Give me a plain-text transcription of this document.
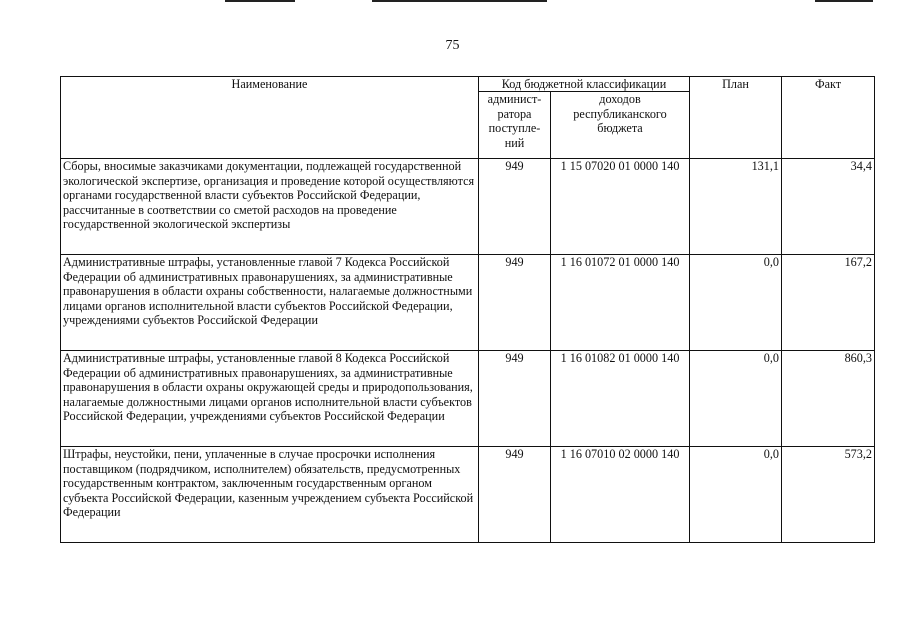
75
Наименование	Код бюджетной классификации		План	Факт
	админист-ратора поступле-ний	доходов республиканского бюджета		
Сборы, вносимые заказчиками документации, подлежащей государственной экологической экспертизе, организация и проведение которой осуществляются органами государственной власти субъектов Российской Федерации, рассчитанные в соответствии со сметой расходов на проведение государственной экологической экспертизы	949	1 15 07020 01 0000 140	131,1	34,4
Административные штрафы, установленные главой 7 Кодекса Российской Федерации об административных правонарушениях, за административные правонарушения в области охраны собственности, налагаемые должностными лицами органов исполнительной власти субъектов Российской Федерации, учреждениями субъектов Российской Федерации	949	1 16 01072 01 0000 140	0,0	167,2
Административные штрафы, установленные главой 8 Кодекса Российской Федерации об административных правонарушениях, за административные правонарушения в области охраны окружающей среды и природопользования, налагаемые должностными лицами органов исполнительной власти субъектов Российской Федерации, учреждениями субъектов Российской Федерации	949	1 16 01082 01 0000 140	0,0	860,3
Штрафы, неустойки, пени, уплаченные в случае просрочки исполнения поставщиком (подрядчиком, исполнителем) обязательств, предусмотренных государственным контрактом, заключенным государственным органом субъекта Российской Федерации, казенным учреждением субъекта Российской Федерации	949	1 16 07010 02 0000 140	0,0	573,2
